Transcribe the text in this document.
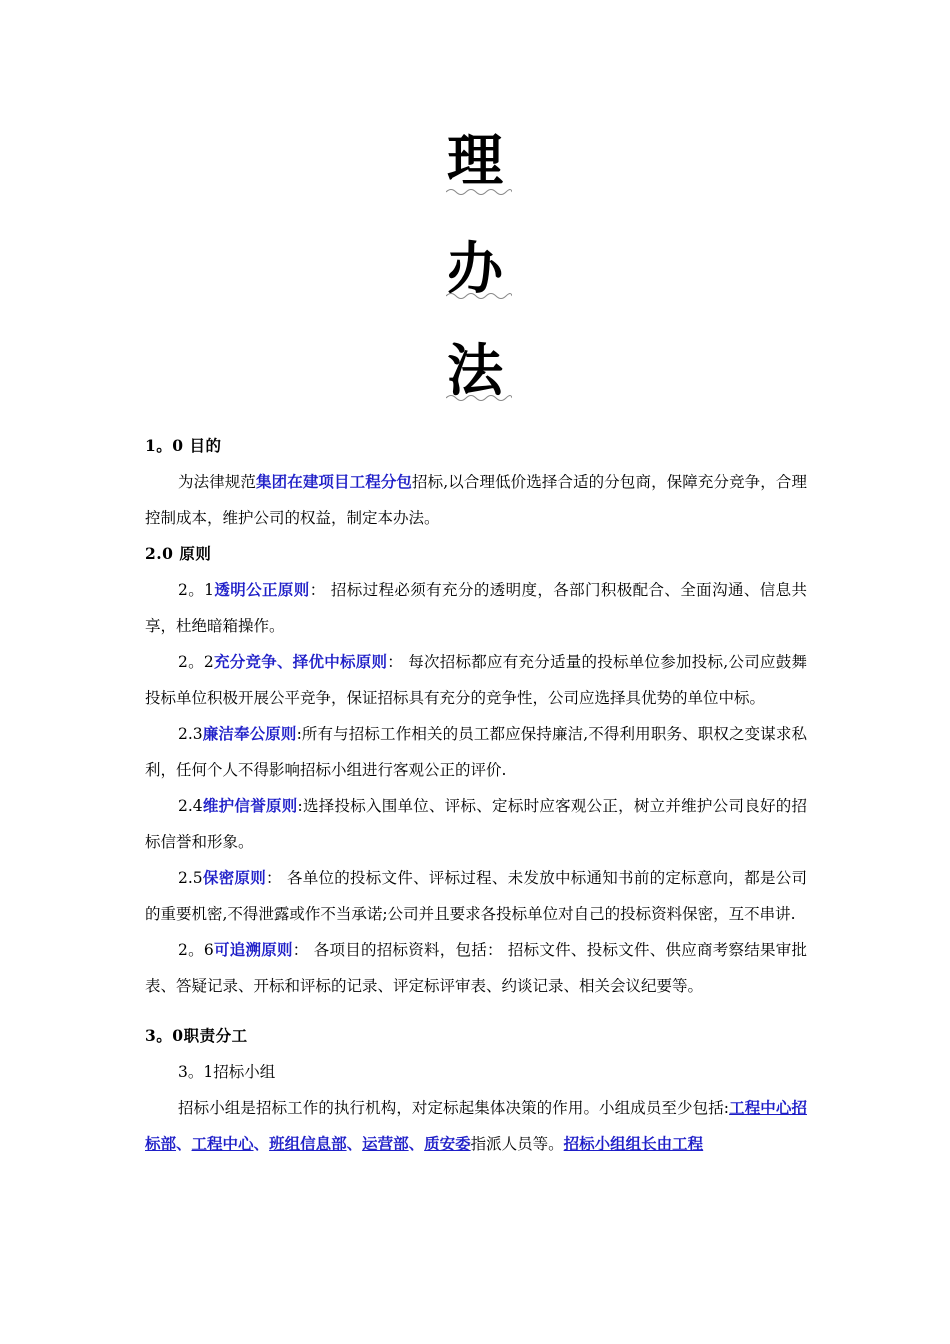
理
办
法

1。0 目的

为法律规范集团在建项目工程分包招标,以合理低价选择合适的分包商，保障充分竞争，合理控制成本，维护公司的权益，制定本办法。

2.0 原则

2。1透明公正原则： 招标过程必须有充分的透明度，各部门积极配合、全面沟通、信息共享，杜绝暗箱操作。

2。2充分竞争、择优中标原则： 每次招标都应有充分适量的投标单位参加投标,公司应鼓舞投标单位积极开展公平竞争，保证招标具有充分的竞争性，公司应选择具优势的单位中标。

2.3廉洁奉公原则:所有与招标工作相关的员工都应保持廉洁,不得利用职务、职权之变谋求私利，任何个人不得影响招标小组进行客观公正的评价.

2.4维护信誉原则:选择投标入围单位、评标、定标时应客观公正，树立并维护公司良好的招标信誉和形象。

2.5保密原则： 各单位的投标文件、评标过程、未发放中标通知书前的定标意向，都是公司的重要机密,不得泄露或作不当承诺;公司并且要求各投标单位对自己的投标资料保密，互不串讲.

2。6可追溯原则： 各项目的招标资料，包括： 招标文件、投标文件、供应商考察结果审批表、答疑记录、开标和评标的记录、评定标评审表、约谈记录、相关会议纪要等。

3。0职责分工

3。1招标小组

招标小组是招标工作的执行机构，对定标起集体决策的作用。小组成员至少包括:工程中心招标部、工程中心、班组信息部、运营部、质安委指派人员等。招标小组组长由工程
